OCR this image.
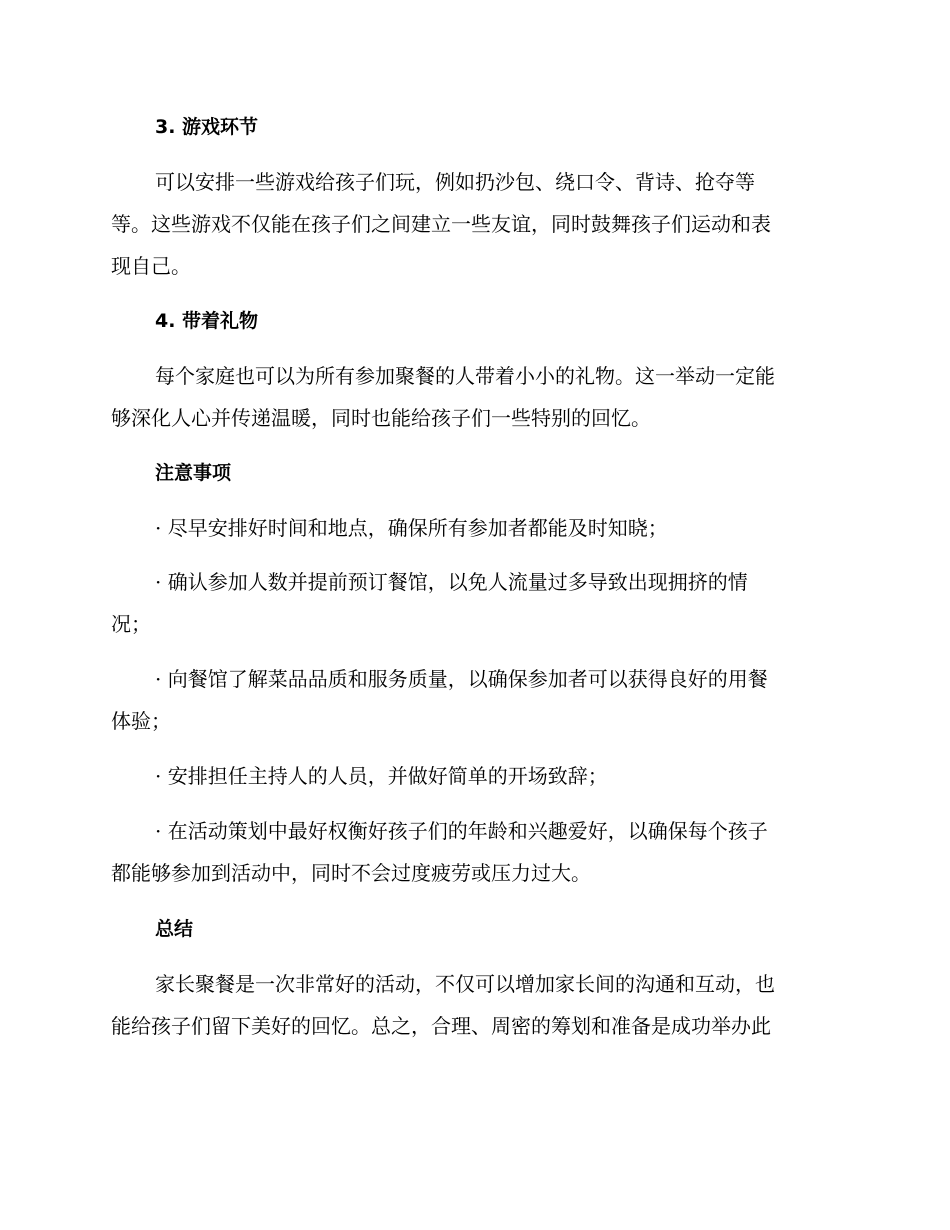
3. 游戏环节

可以安排一些游戏给孩子们玩，例如扔沙包、绕口令、背诗、抢夺等
等。这些游戏不仅能在孩子们之间建立一些友谊，同时鼓舞孩子们运动和表
现自己。

4. 带着礼物

每个家庭也可以为所有参加聚餐的人带着小小的礼物。这一举动一定能
够深化人心并传递温暖，同时也能给孩子们一些特别的回忆。

注意事项

· 尽早安排好时间和地点，确保所有参加者都能及时知晓；

· 确认参加人数并提前预订餐馆，以免人流量过多导致出现拥挤的情
况；

· 向餐馆了解菜品品质和服务质量，以确保参加者可以获得良好的用餐
体验；

· 安排担任主持人的人员，并做好简单的开场致辞；

· 在活动策划中最好权衡好孩子们的年龄和兴趣爱好，以确保每个孩子
都能够参加到活动中，同时不会过度疲劳或压力过大。

总结

家长聚餐是一次非常好的活动，不仅可以增加家长间的沟通和互动，也
能给孩子们留下美好的回忆。总之，合理、周密的筹划和准备是成功举办此
